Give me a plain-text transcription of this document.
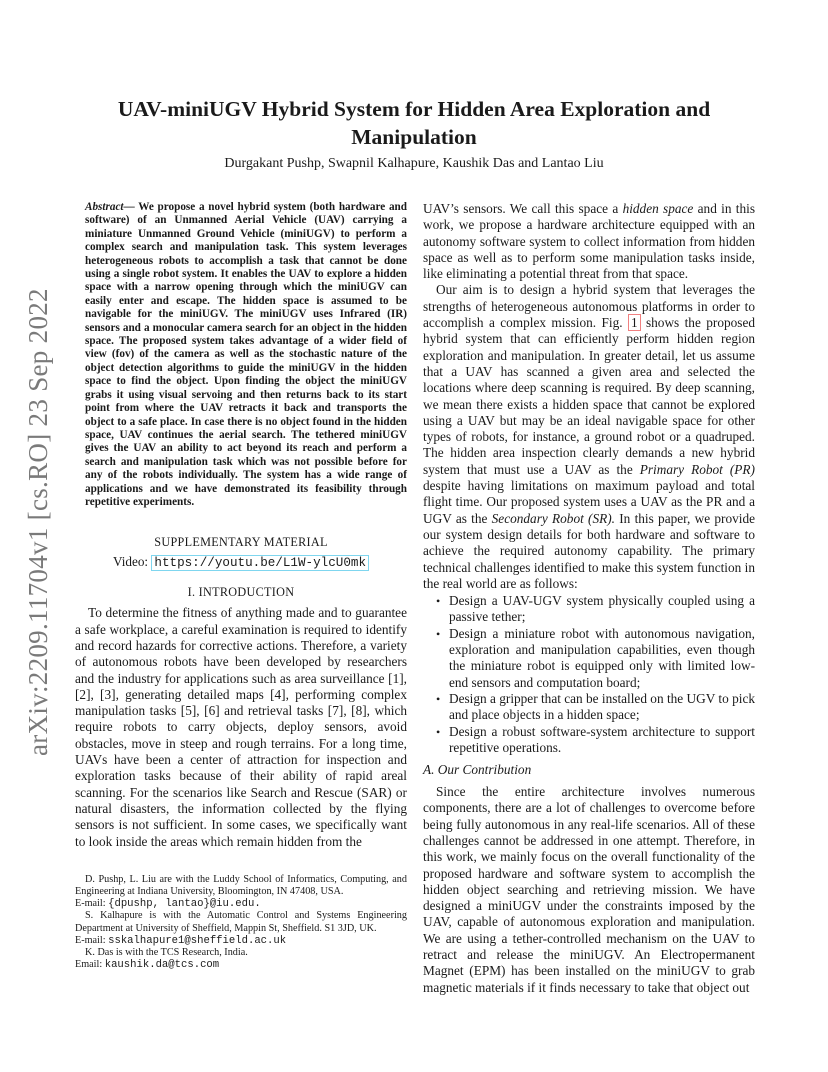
arXiv:2209.11704v1 [cs.RO] 23 Sep 2022
UAV-miniUGV Hybrid System for Hidden Area Exploration and Manipulation
Durgakant Pushp, Swapnil Kalhapure, Kaushik Das and Lantao Liu
Abstract— We propose a novel hybrid system (both hardware and software) of an Unmanned Aerial Vehicle (UAV) carrying a miniature Unmanned Ground Vehicle (miniUGV) to perform a complex search and manipulation task. This system leverages heterogeneous robots to accomplish a task that cannot be done using a single robot system. It enables the UAV to explore a hidden space with a narrow opening through which the miniUGV can easily enter and escape. The hidden space is assumed to be navigable for the miniUGV. The miniUGV uses Infrared (IR) sensors and a monocular camera search for an object in the hidden space. The proposed system takes advantage of a wider field of view (fov) of the camera as well as the stochastic nature of the object detection algorithms to guide the miniUGV in the hidden space to find the object. Upon finding the object the miniUGV grabs it using visual servoing and then returns back to its start point from where the UAV retracts it back and transports the object to a safe place. In case there is no object found in the hidden space, UAV continues the aerial search. The tethered miniUGV gives the UAV an ability to act beyond its reach and perform a search and manipulation task which was not possible before for any of the robots individually. The system has a wide range of applications and we have demonstrated its feasibility through repetitive experiments.
SUPPLEMENTARY MATERIAL
Video: https://youtu.be/L1W-ylcU0mk
I. INTRODUCTION

To determine the fitness of anything made and to guarantee a safe workplace, a careful examination is required to identify and record hazards for corrective actions. Therefore, a variety of autonomous robots have been developed by researchers and the industry for applications such as area surveillance [1], [2], [3], generating detailed maps [4], performing complex manipulation tasks [5], [6] and retrieval tasks [7], [8], which require robots to carry objects, deploy sensors, avoid obstacles, move in steep and rough terrains. For a long time, UAVs have been a center of attraction for inspection and exploration tasks because of their ability of rapid areal scanning. For the scenarios like Search and Rescue (SAR) or natural disasters, the information collected by the flying sensors is not sufficient. In some cases, we specifically want to look inside the areas which remain hidden from the

D. Pushp, L. Liu are with the Luddy School of Informatics, Computing, and Engineering at Indiana University, Bloomington, IN 47408, USA.
E-mail: {dpushp, lantao}@iu.edu.

S. Kalhapure is with the Automatic Control and Systems Engineering Department at University of Sheffield, Mappin St, Sheffield. S1 3JD, UK.
E-mail: sskalhapure1@sheffield.ac.uk

K. Das is with the TCS Research, India.
Email: kaushik.da@tcs.com

UAV’s sensors. We call this space a hidden space and in this work, we propose a hardware architecture equipped with an autonomy software system to collect information from hidden space as well as to perform some manipulation tasks inside, like eliminating a potential threat from that space.

Our aim is to design a hybrid system that leverages the strengths of heterogeneous autonomous platforms in order to accomplish a complex mission. Fig. 1 shows the proposed hybrid system that can efficiently perform hidden region exploration and manipulation. In greater detail, let us assume that a UAV has scanned a given area and selected the locations where deep scanning is required. By deep scanning, we mean there exists a hidden space that cannot be explored using a UAV but may be an ideal navigable space for other types of robots, for instance, a ground robot or a quadruped. The hidden area inspection clearly demands a new hybrid system that must use a UAV as the Primary Robot (PR) despite having limitations on maximum payload and total flight time. Our proposed system uses a UAV as the PR and a UGV as the Secondary Robot (SR). In this paper, we provide our system design details for both hardware and software to achieve the required autonomy capability. The primary technical challenges identified to make this system function in the real world are as follows:

• Design a UAV-UGV system physically coupled using a passive tether;
• Design a miniature robot with autonomous navigation, exploration and manipulation capabilities, even though the miniature robot is equipped only with limited low-end sensors and computation board;
• Design a gripper that can be installed on the UGV to pick and place objects in a hidden space;
• Design a robust software-system architecture to support repetitive operations.
A. Our Contribution

Since the entire architecture involves numerous components, there are a lot of challenges to overcome before being fully autonomous in any real-life scenarios. All of these challenges cannot be addressed in one attempt. Therefore, in this work, we mainly focus on the overall functionality of the proposed hardware and software system to accomplish the hidden object searching and retrieving mission. We have designed a miniUGV under the constraints imposed by the UAV, capable of autonomous exploration and manipulation. We are using a tether-controlled mechanism on the UAV to retract and release the miniUGV. An Electropermanent Magnet (EPM) has been installed on the miniUGV to grab magnetic materials if it finds necessary to take that object out
